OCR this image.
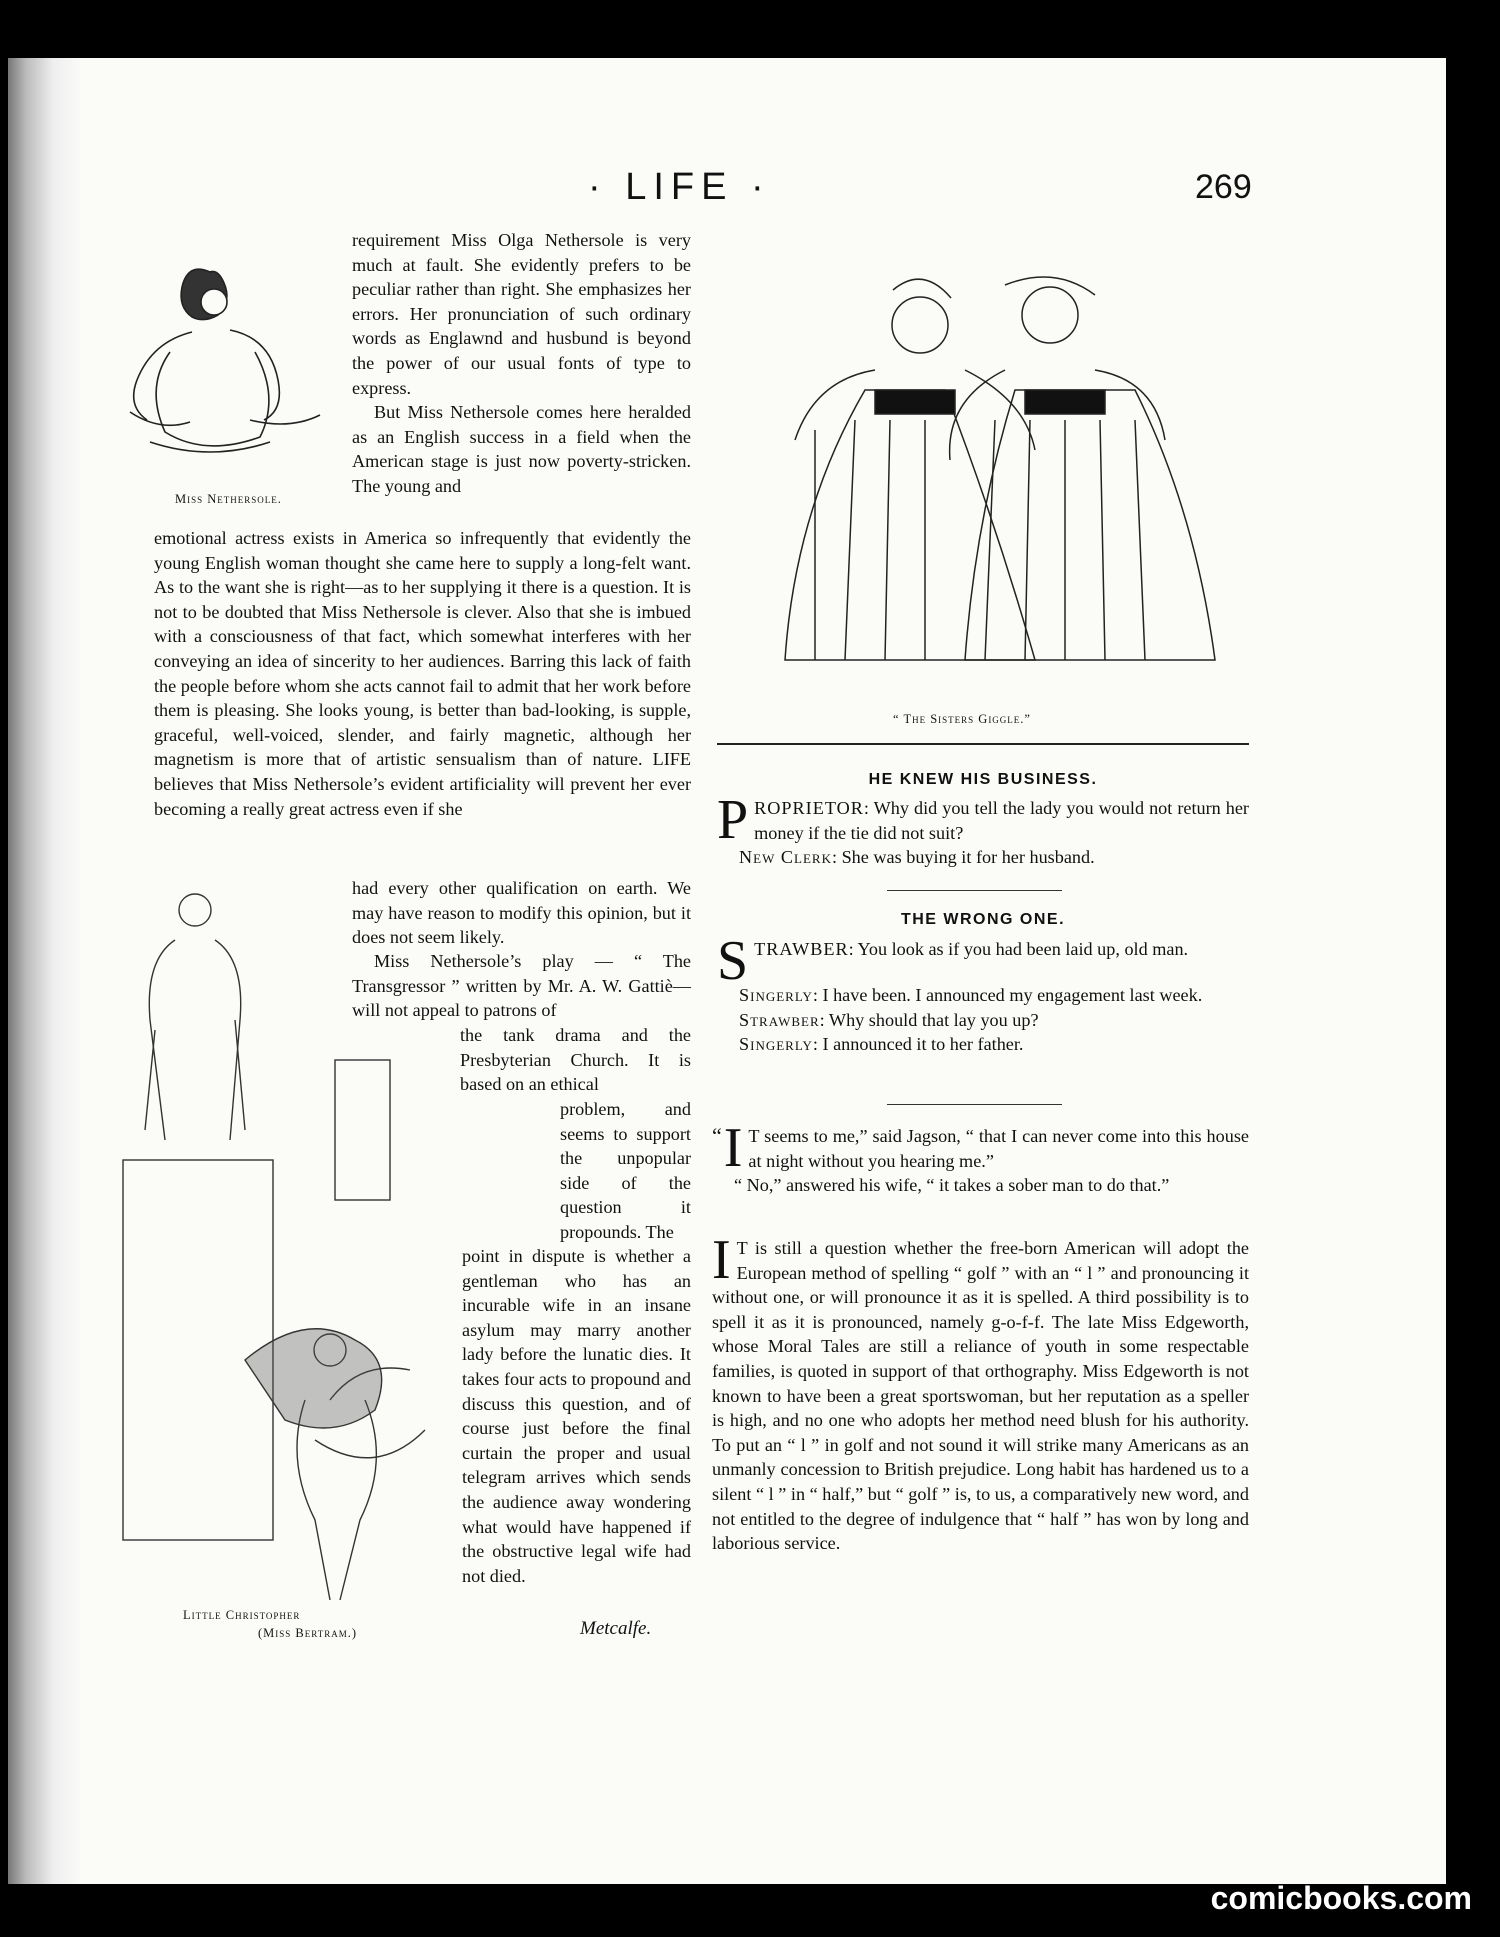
· LIFE ·	269
Miss Nethersole.

requirement Miss Olga Nethersole is very much at fault. She evidently prefers to be peculiar rather than right. She emphasizes her errors. Her pronunciation of such ordinary words as Englawnd and husbund is beyond the power of our usual fonts of type to express.

But Miss Nethersole comes here heralded as an English success in a field when the American stage is just now poverty-stricken. The young and

emotional actress exists in America so infrequently that evidently the young English woman thought she came here to supply a long-felt want. As to the want she is right—as to her supplying it there is a question. It is not to be doubted that Miss Nethersole is clever. Also that she is imbued with a consciousness of that fact, which somewhat interferes with her conveying an idea of sincerity to her audiences. Barring this lack of faith the people before whom she acts cannot fail to admit that her work before them is pleasing. She looks young, is better than bad-looking, is supple, graceful, well-voiced, slender, and fairly magnetic, although her magnetism is more that of artistic sensualism than of nature. LIFE believes that Miss Nethersole’s evident artificiality will prevent her ever becoming a really great actress even if she
had every other qualification on earth. We may have reason to modify this opinion, but it does not seem likely.
Miss Nethersole’s play — “ The Transgressor ” written by Mr. A. W. Gattiè—will not appeal to patrons of
the tank drama and the Presbyterian Church. It is based on an ethical
problem, and seems to support the unpopular side of the question it propounds. The
point in dispute is whether a gentleman who has an incurable wife in an insane asylum may marry another lady before the lunatic dies. It takes four acts to propound and discuss this question, and of course just before the final curtain the proper and usual telegram arrives which sends the audience away wondering what would have happened if the obstructive legal wife had not died.
Metcalfe.
Little Christopher
(Miss Bertram.)
“ The Sisters Giggle.”
HE KNEW HIS BUSINESS.
PROPRIETOR: Why did you tell the lady you would not return her money if the tie did not suit?

New Clerk: She was buying it for her husband.

THE WRONG ONE.
STRAWBER: You look as if you had been laid up, old man.

Singerly: I have been. I announced my engagement last week.

Strawber: Why should that lay you up?

Singerly: I announced it to her father.

“ I T seems to me,” said Jagson, “ that I can never come into this house at night without you hearing me.”

“ No,” answered his wife, “ it takes a sober man to do that.”

I T is still a question whether the free-born American will adopt the European method of spelling “ golf ” with an “ l ” and pronouncing it without one, or will pronounce it as it is spelled. A third possibility is to spell it as it is pronounced, namely g-o-f-f. The late Miss Edgeworth, whose Moral Tales are still a reliance of youth in some respectable families, is quoted in support of that orthography. Miss Edgeworth is not known to have been a great sportswoman, but her reputation as a speller is high, and no one who adopts her method need blush for his authority. To put an “ l ” in golf and not sound it will strike many Americans as an unmanly concession to British prejudice. Long habit has hardened us to a silent “ l ” in “ half,” but “ golf ” is, to us, a comparatively new word, and not entitled to the degree of indulgence that “ half ” has won by long and laborious service.
comicbooks.com
